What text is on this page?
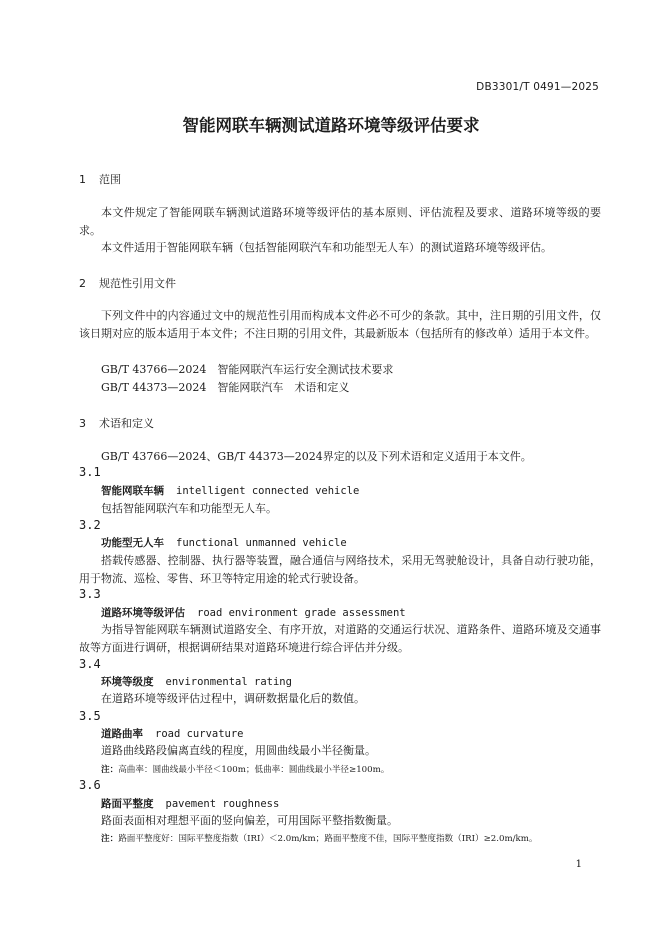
DB3301/T 0491—2025
智能网联车辆测试道路环境等级评估要求
1 范围
本文件规定了智能网联车辆测试道路环境等级评估的基本原则、评估流程及要求、道路环境等级的要求。
本文件适用于智能网联车辆（包括智能网联汽车和功能型无人车）的测试道路环境等级评估。
2 规范性引用文件
下列文件中的内容通过文中的规范性引用而构成本文件必不可少的条款。其中，注日期的引用文件，仅该日期对应的版本适用于本文件；不注日期的引用文件，其最新版本（包括所有的修改单）适用于本文件。
GB/T 43766—2024　智能网联汽车运行安全测试技术要求
GB/T 44373—2024　智能网联汽车　术语和定义
3 术语和定义
GB/T 43766—2024、GB/T 44373—2024界定的以及下列术语和定义适用于本文件。
3.1
智能网联车辆 intelligent connected vehicle
包括智能网联汽车和功能型无人车。
3.2
功能型无人车 functional unmanned vehicle
搭载传感器、控制器、执行器等装置，融合通信与网络技术，采用无驾驶舱设计，具备自动行驶功能，用于物流、巡检、零售、环卫等特定用途的轮式行驶设备。
3.3
道路环境等级评估 road environment grade assessment
为指导智能网联车辆测试道路安全、有序开放，对道路的交通运行状况、道路条件、道路环境及交通事故等方面进行调研，根据调研结果对道路环境进行综合评估并分级。
3.4
环境等级度 environmental rating
在道路环境等级评估过程中，调研数据量化后的数值。
3.5
道路曲率 road curvature
道路曲线路段偏离直线的程度，用圆曲线最小半径衡量。
注：高曲率：圆曲线最小半径＜100m；低曲率：圆曲线最小半径≥100m。
3.6
路面平整度 pavement roughness
路面表面相对理想平面的竖向偏差，可用国际平整指数衡量。
注：路面平整度好：国际平整度指数（IRI）＜2.0m/km；路面平整度不佳，国际平整度指数（IRI）≥2.0m/km。
1
